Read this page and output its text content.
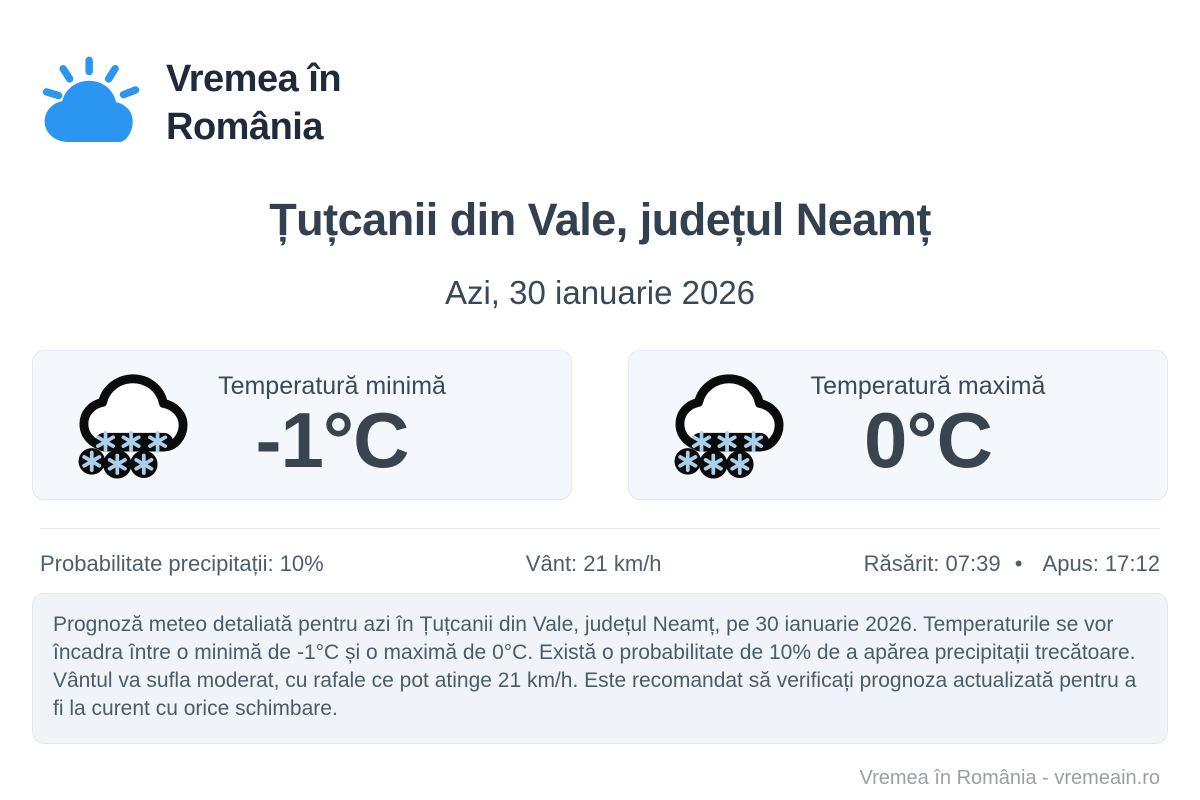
Vremea în
România
Țuțcanii din Vale, județul Neamț
Azi, 30 ianuarie 2026
Temperatură minimă
-1°C
Temperatură maximă
0°C
Probabilitate precipitații: 10%	Vânt: 21 km/h	Răsărit: 07:39 • Apus: 17:12
Prognoză meteo detaliată pentru azi în Țuțcanii din Vale, județul Neamț, pe 30 ianuarie 2026. Temperaturile se vor încadra între o minimă de -1°C și o maximă de 0°C. Există o probabilitate de 10% de a apărea precipitații trecătoare. Vântul va sufla moderat, cu rafale ce pot atinge 21 km/h. Este recomandat să verificați prognoza actualizată pentru a fi la curent cu orice schimbare.
Vremea în România - vremeain.ro
